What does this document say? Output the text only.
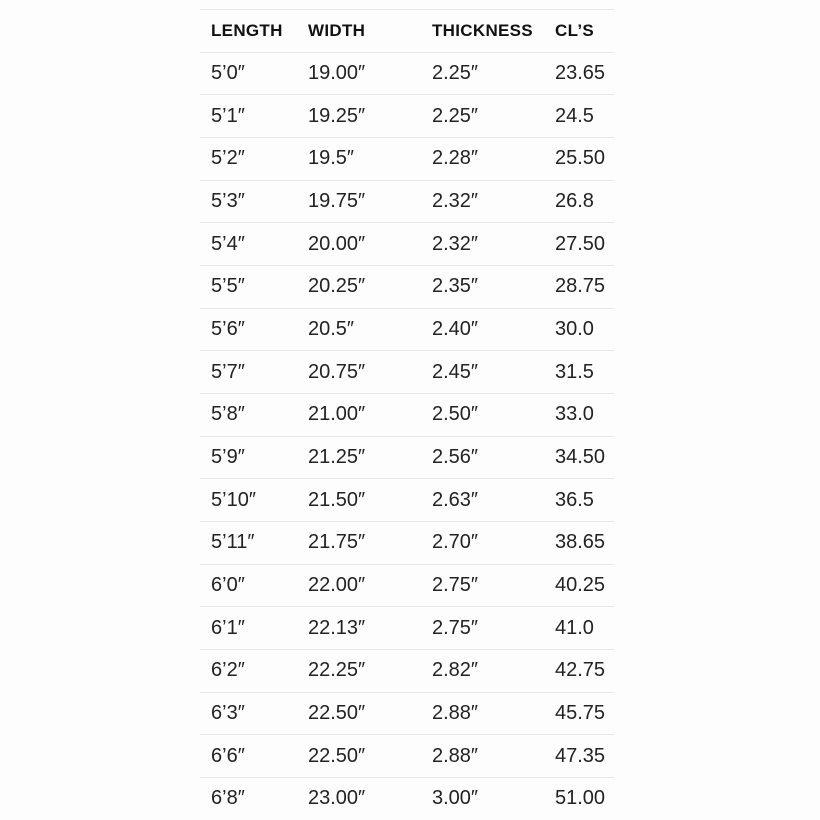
LENGTH	WIDTH	THICKNESS	CL’S
5’0″	19.00″	2.25″	23.65
5’1″	19.25″	2.25″	24.5
5’2″	19.5″	2.28″	25.50
5’3″	19.75″	2.32″	26.8
5’4″	20.00″	2.32″	27.50
5’5″	20.25″	2.35″	28.75
5’6″	20.5″	2.40″	30.0
5’7″	20.75″	2.45″	31.5
5’8″	21.00″	2.50″	33.0
5’9″	21.25″	2.56″	34.50
5’10″	21.50″	2.63″	36.5
5’11″	21.75″	2.70″	38.65
6’0″	22.00″	2.75″	40.25
6’1″	22.13″	2.75″	41.0
6’2″	22.25″	2.82″	42.75
6’3″	22.50″	2.88″	45.75
6’6″	22.50″	2.88″	47.35
6’8″	23.00″	3.00″	51.00
